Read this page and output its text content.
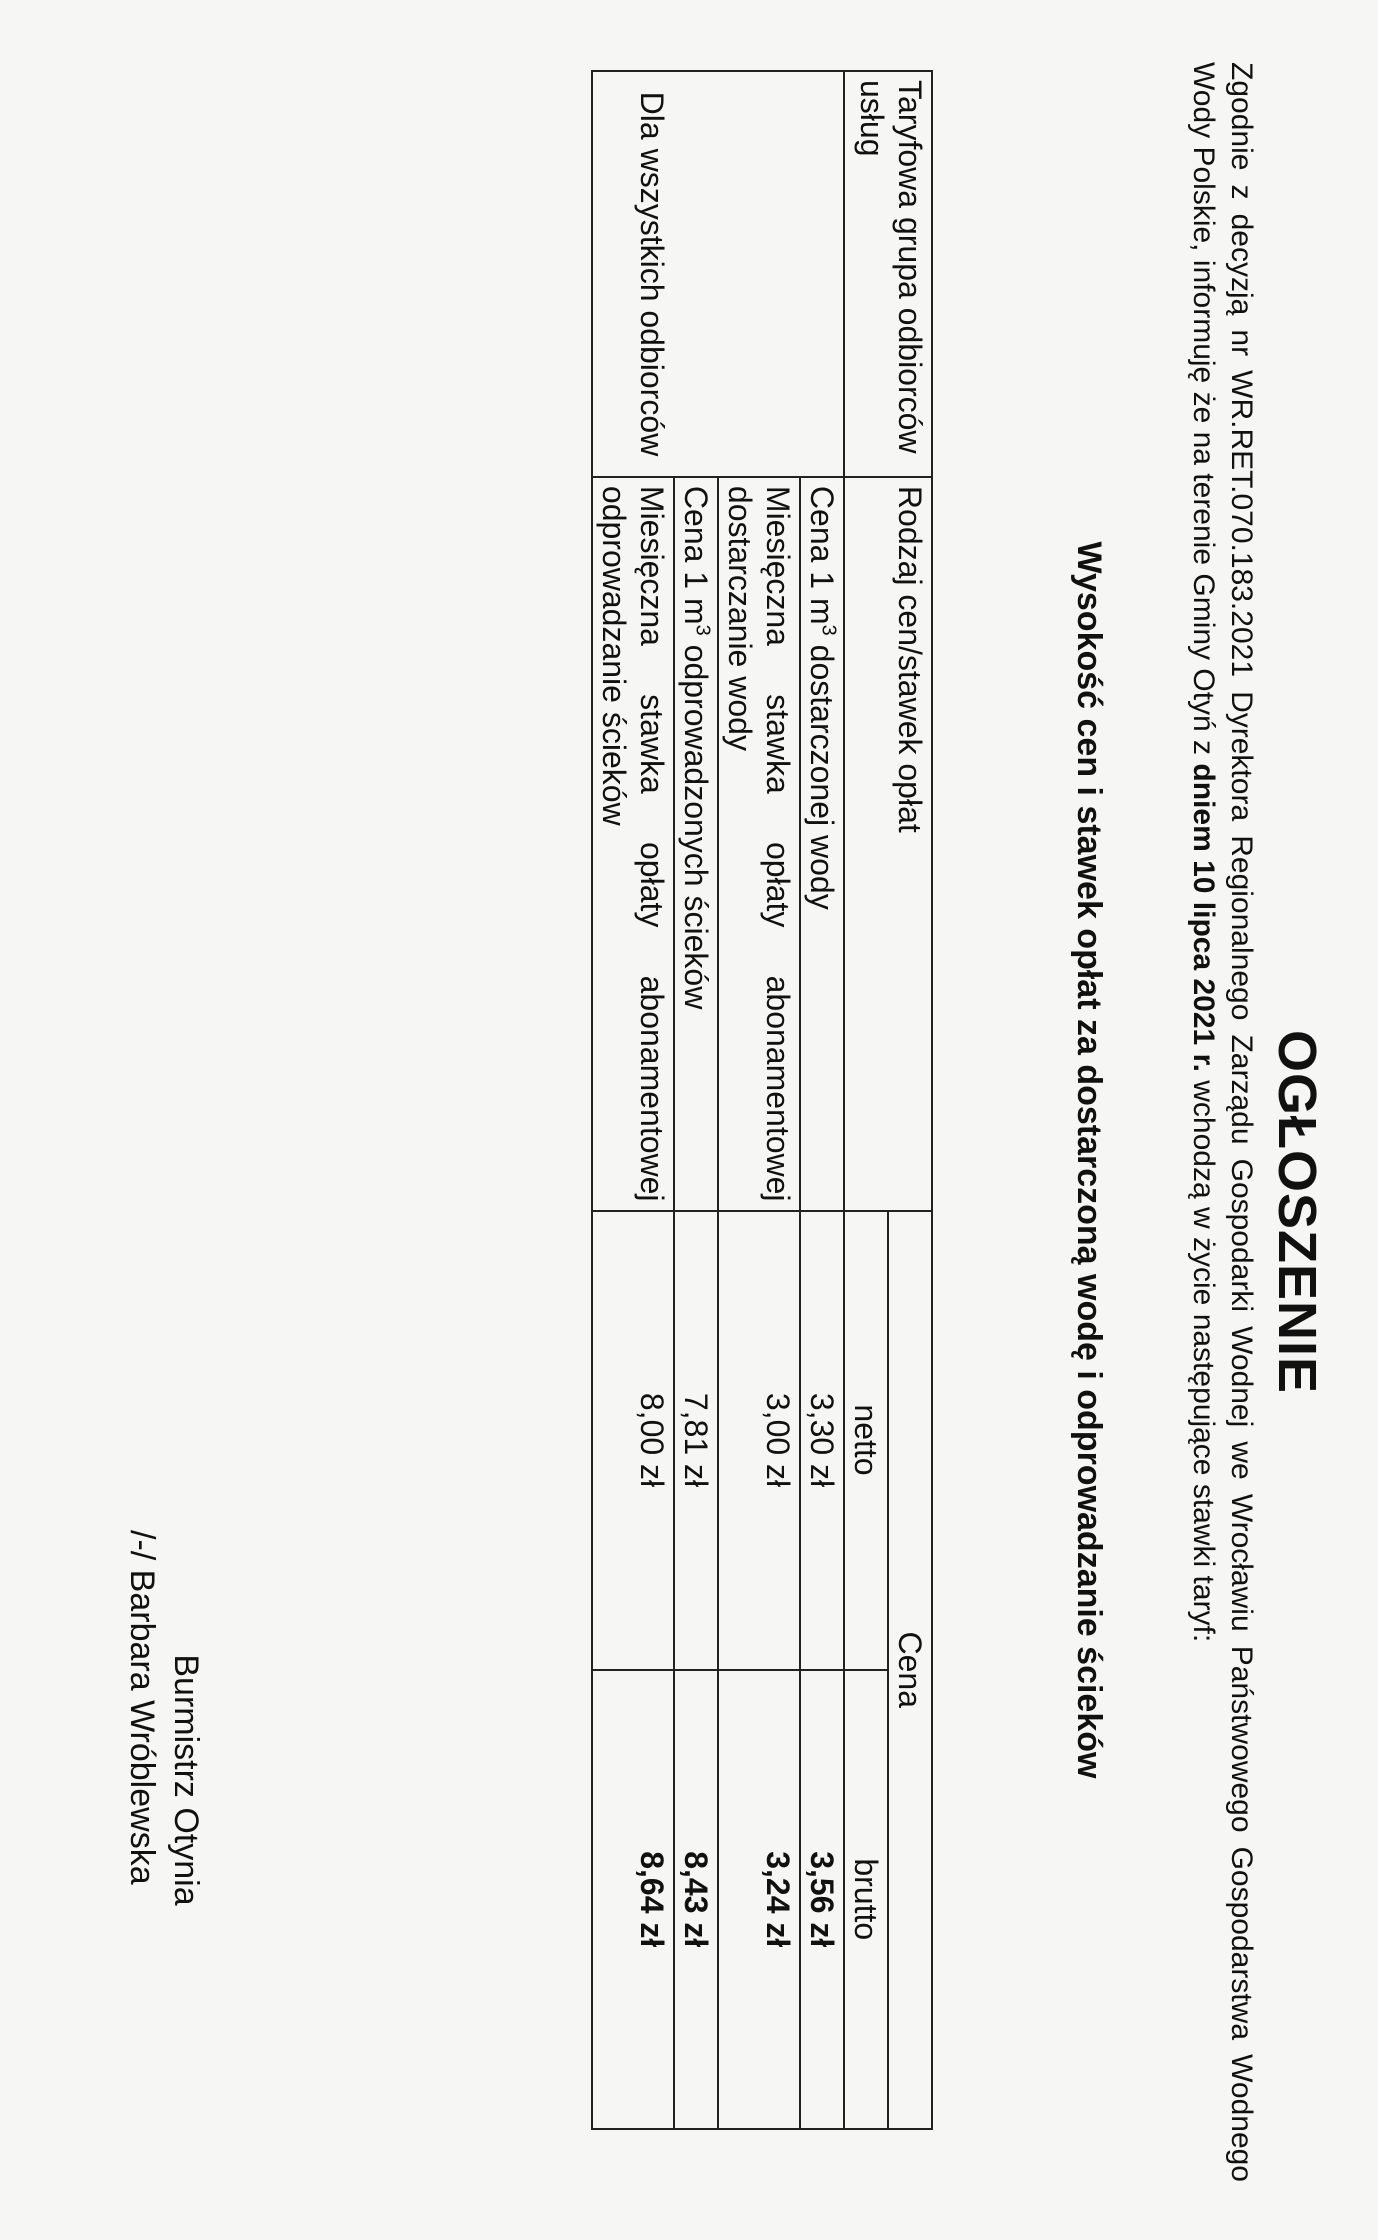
OGŁOSZENIE
Zgodnie z decyzją nr WR.RET.070.183.2021 Dyrektora Regionalnego Zarządu Gospodarki Wodnej we Wrocławiu Państwowego Gospodarstwa Wodnego Wody Polskie, informuję że na terenie Gminy Otyń z dniem 10 lipca 2021 r. wchodzą w życie następujące stawki taryf:
Wysokość cen i stawek opłat za dostarczoną wodę i odprowadzanie ścieków
Taryfowa grupa odbiorców usług	Rodzaj cen/stawek opłat	Cena	
		netto	brutto

Dla wszystkich odbiorców	Cena 1 $m^3$ dostarczonej wody	3,30 zł	3,56 zł
	Miesięczna stawka opłaty abonamentowej dostarczanie wody	3,00 zł	3,24 zł
	Cena 1 $m^3$ odprowadzonych ścieków	7,81 zł	8,43 zł
	Miesięczna stawka opłaty abonamentowej odprowadzanie ścieków	8,00 zł	8,64 zł
Burmistrz Otynia
/-/ Barbara Wróblewska
